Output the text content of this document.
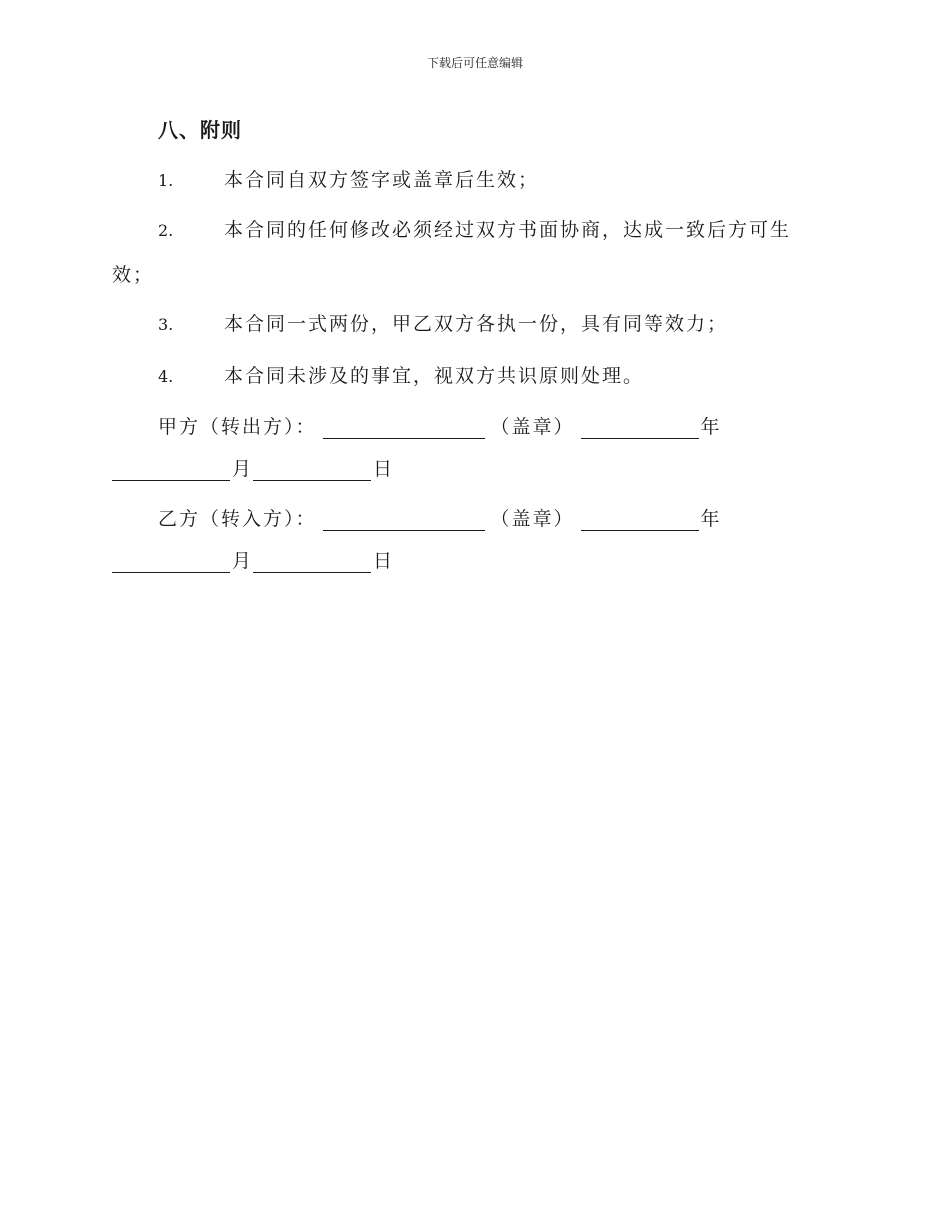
下载后可任意编辑
八、附则
1.	本合同自双方签字或盖章后生效；
2.	本合同的任何修改必须经过双方书面协商，达成一致后方可生效；
3.	本合同一式两份，甲乙双方各执一份，具有同等效力；
4.	本合同未涉及的事宜，视双方共识原则处理。
甲方（转出方）：	（盖章）	年
月	日
乙方（转入方）：	（盖章）	年
月	日
